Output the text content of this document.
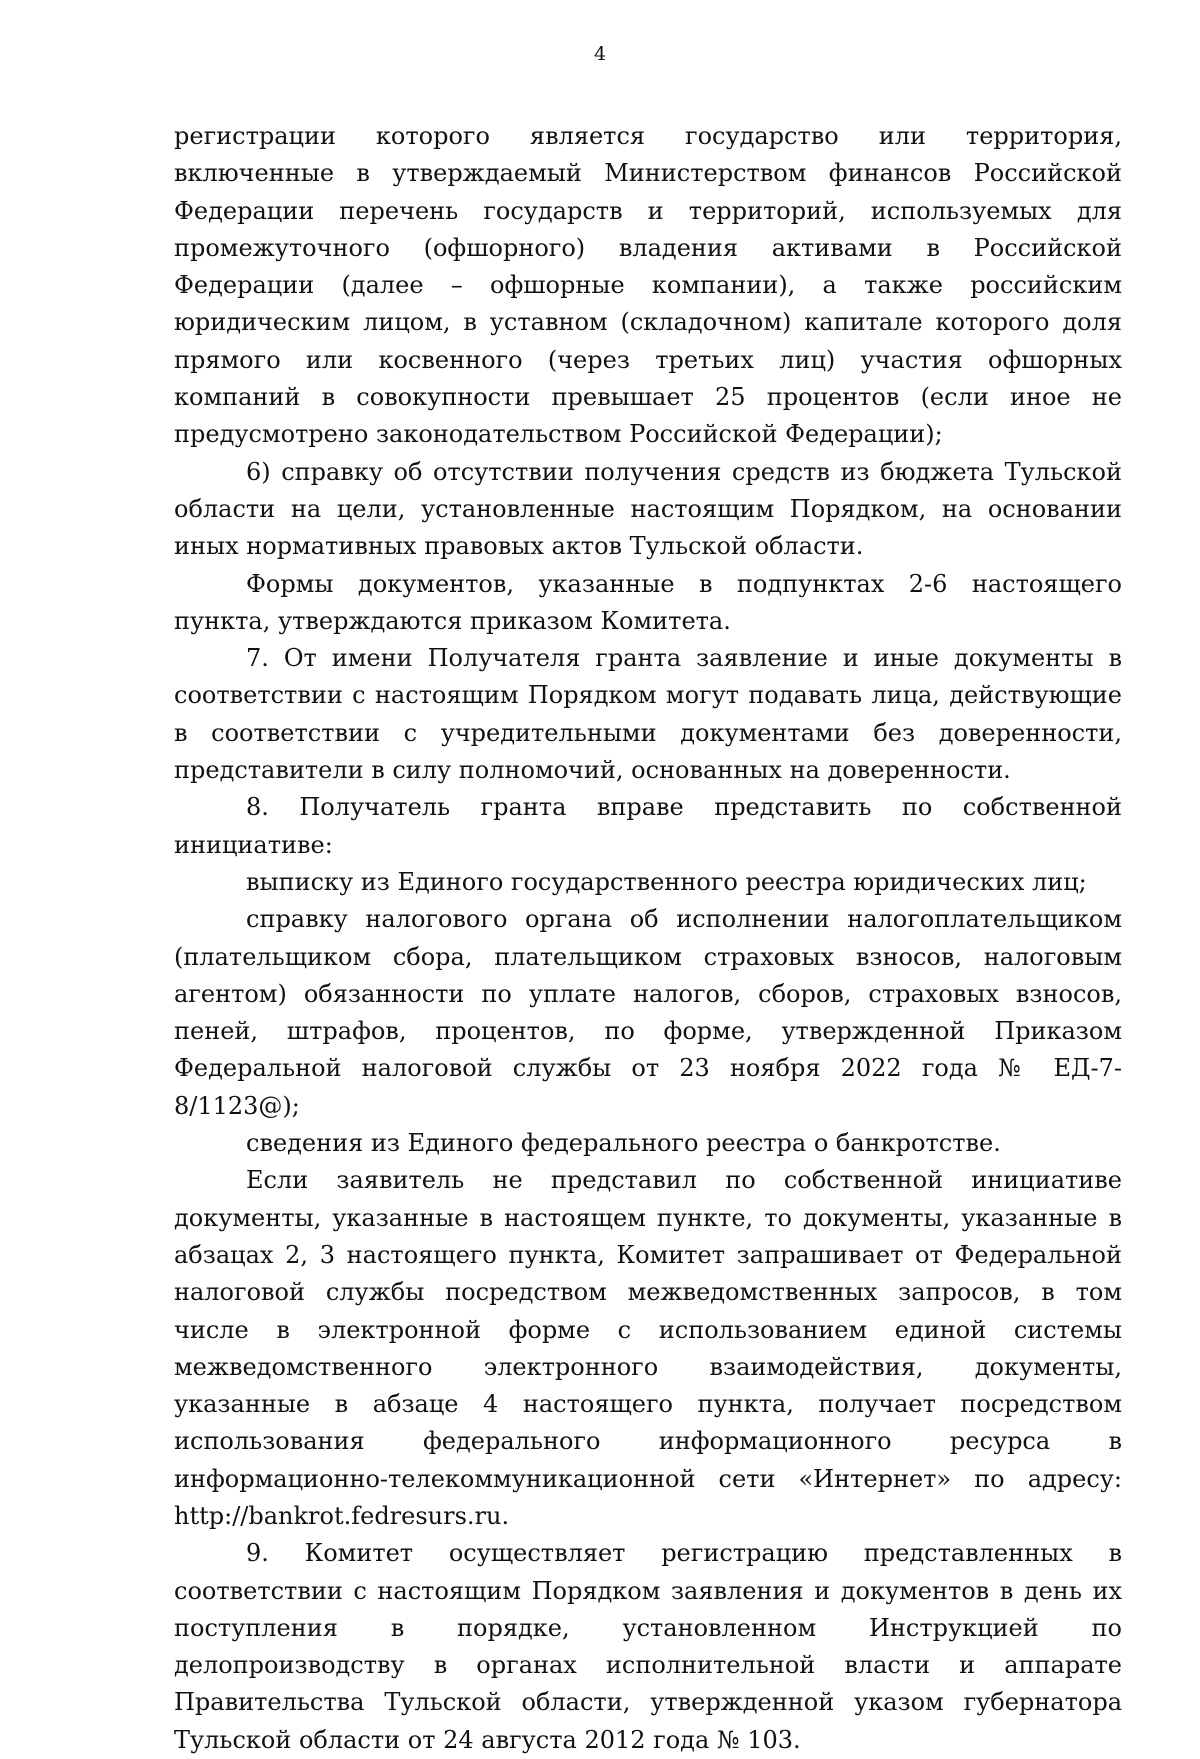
4

регистрации которого является государство или территория, включенные в утверждаемый Министерством финансов Российской Федерации перечень государств и территорий, используемых для промежуточного (офшорного) владения активами в Российской Федерации (далее – офшорные компании), а также российским юридическим лицом, в уставном (складочном) капитале которого доля прямого или косвенного (через третьих лиц) участия офшорных компаний в совокупности превышает 25 процентов (если иное не предусмотрено законодательством Российской Федерации);

6) справку об отсутствии получения средств из бюджета Тульской области на цели, установленные настоящим Порядком, на основании иных нормативных правовых актов Тульской области.

Формы документов, указанные в подпунктах 2-6 настоящего пункта, утверждаются приказом Комитета.

7. От имени Получателя гранта заявление и иные документы в соответствии с настоящим Порядком могут подавать лица, действующие в соответствии с учредительными документами без доверенности, представители в силу полномочий, основанных на доверенности.

8. Получатель гранта вправе представить по собственной инициативе:

выписку из Единого государственного реестра юридических лиц;

справку налогового органа об исполнении налогоплательщиком (плательщиком сбора, плательщиком страховых взносов, налоговым агентом) обязанности по уплате налогов, сборов, страховых взносов, пеней, штрафов, процентов, по форме, утвержденной Приказом Федеральной налоговой службы от 23 ноября 2022 года № ЕД-7-8/1123@);

сведения из Единого федерального реестра о банкротстве.

Если заявитель не представил по собственной инициативе документы, указанные в настоящем пункте, то документы, указанные в абзацах 2, 3 настоящего пункта, Комитет запрашивает от Федеральной налоговой службы посредством межведомственных запросов, в том числе в электронной форме с использованием единой системы межведомственного электронного взаимодействия, документы, указанные в абзаце 4 настоящего пункта, получает посредством использования федерального информационного ресурса в информационно-телекоммуникационной сети «Интернет» по адресу: http://bankrot.fedresurs.ru.

9. Комитет осуществляет регистрацию представленных в соответствии с настоящим Порядком заявления и документов в день их поступления в порядке, установленном Инструкцией по делопроизводству в органах исполнительной власти и аппарате Правительства Тульской области, утвержденной указом губернатора Тульской области от 24 августа 2012 года № 103.
